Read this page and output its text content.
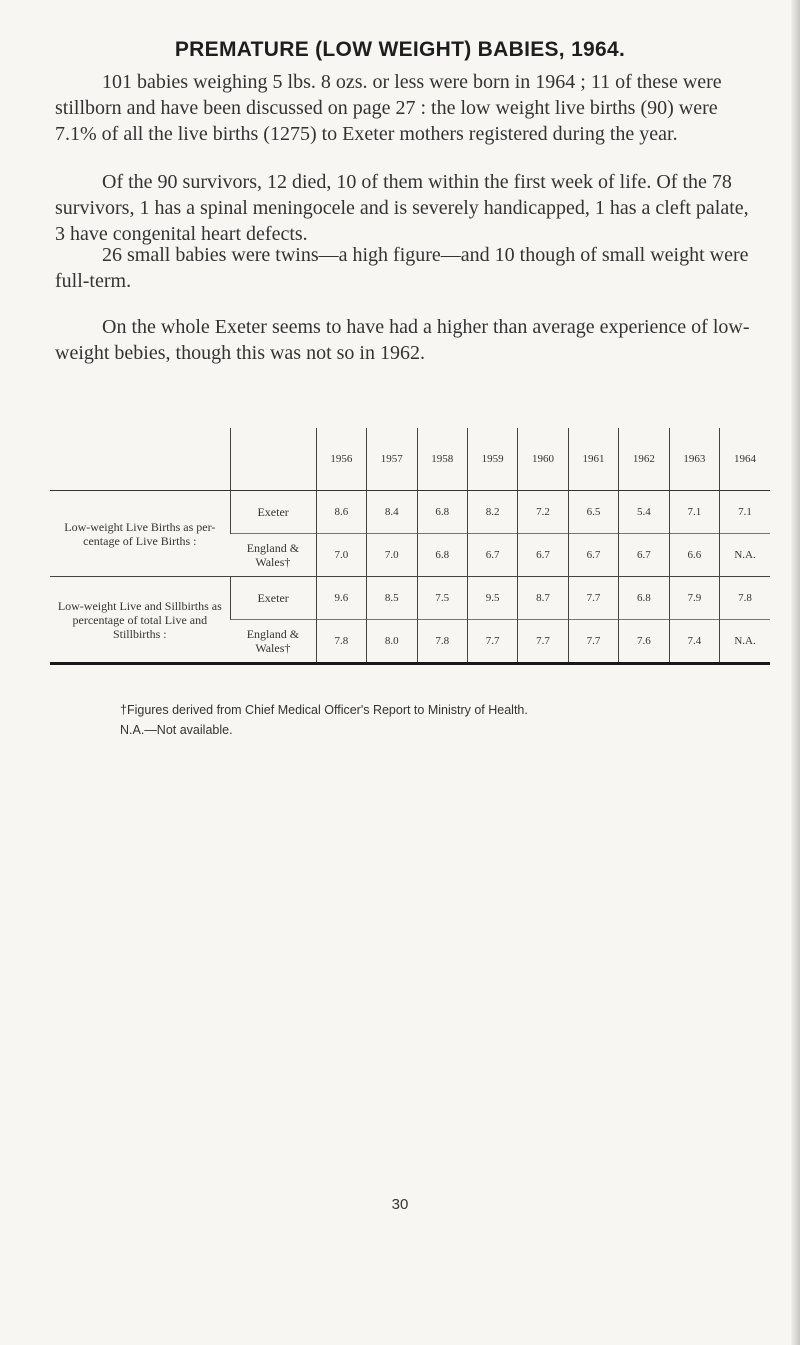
PREMATURE (LOW WEIGHT) BABIES, 1964.

101 babies weighing 5 lbs. 8 ozs. or less were born in 1964 ; 11 of these were stillborn and have been discussed on page 27 : the low weight live births (90) were 7.1% of all the live births (1275) to Exeter mothers registered during the year.

Of the 90 survivors, 12 died, 10 of them within the first week of life. Of the 78 survivors, 1 has a spinal meningocele and is severely handicapped, 1 has a cleft palate, 3 have congenital heart defects.

26 small babies were twins—a high figure—and 10 though of small weight were full-term.

On the whole Exeter seems to have had a higher than average experience of low-weight bebies, though this was not so in 1962.

		1956	1957	1958	1959	1960	1961	1962	1963	1964
Low-weight Live Births as per-centage of Live Births :	Exeter	8.6	8.4	6.8	8.2	7.2	6.5	5.4	7.1	7.1
	England & Wales†	7.0	7.0	6.8	6.7	6.7	6.7	6.7	6.6	N.A.
Low-weight Live and Sillbirths as percentage of total Live and Stillbirths :	Exeter	9.6	8.5	7.5	9.5	8.7	7.7	6.8	7.9	7.8
	England & Wales†	7.8	8.0	7.8	7.7	7.7	7.7	7.6	7.4	N.A.
†Figures derived from Chief Medical Officer's Report to Ministry of Health.
N.A.—Not available.
30
